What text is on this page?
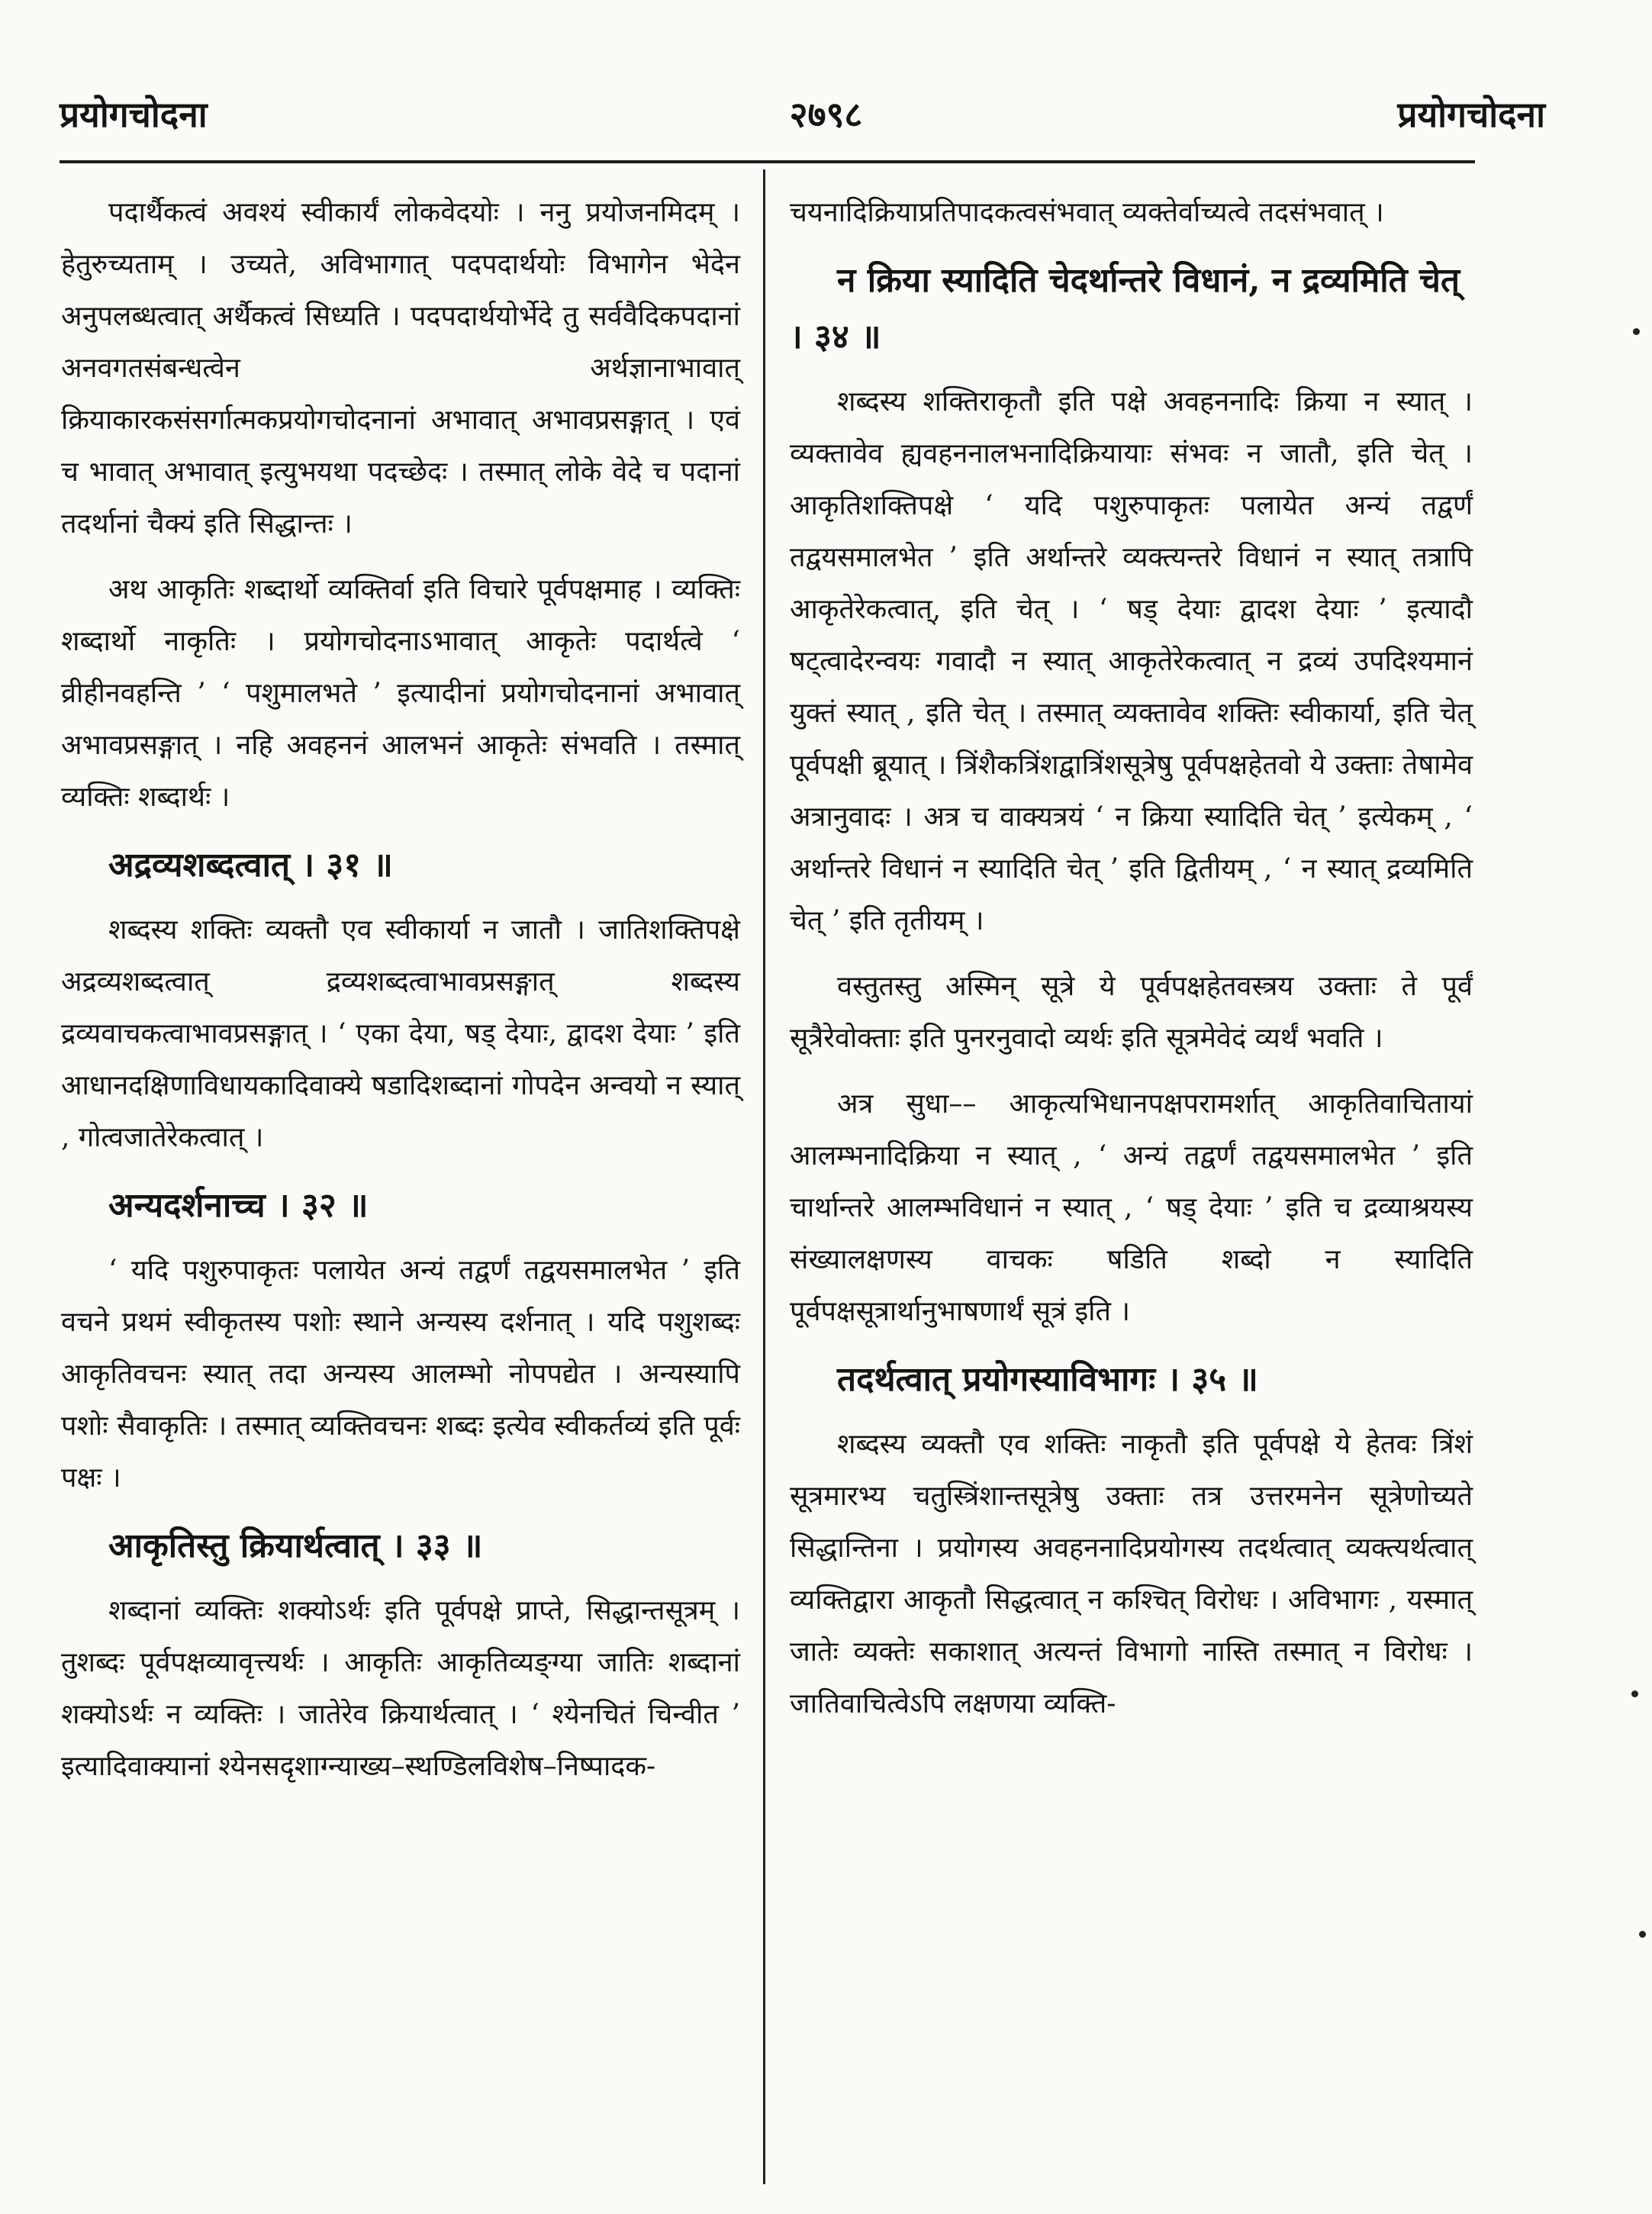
प्रयोगचोदना	२७९८	प्रयोगचोदना

पदार्थैकत्वं अवश्यं स्वीकार्यं लोकवेदयोः । ननु प्रयोजनमिदम् । हेतुरुच्यताम् । उच्यते, अविभागात् पदपदार्थयोः विभागेन भेदेन अनुपलब्धत्वात् अर्थैकत्वं सिध्यति । पदपदार्थयोर्भेदे तु सर्ववैदिकपदानां अनवगतसंबन्धत्वेन अर्थज्ञानाभावात् क्रियाकारकसंसर्गात्मकप्रयोगचोदनानां अभावात् अभावप्रसङ्गात् । एवं च भावात् अभावात् इत्युभयथा पदच्छेदः । तस्मात् लोके वेदे च पदानां तदर्थानां चैक्यं इति सिद्धान्तः ।

अथ आकृतिः शब्दार्थो व्यक्तिर्वा इति विचारे पूर्वपक्षमाह । व्यक्तिः शब्दार्थो नाकृतिः । प्रयोगचोदनाऽभावात् आकृतेः पदार्थत्वे ‘ व्रीहीनवहन्ति ’ ‘ पशुमालभते ’ इत्यादीनां प्रयोगचोदनानां अभावात् अभावप्रसङ्गात् । नहि अवहननं आलभनं आकृतेः संभवति । तस्मात् व्यक्तिः शब्दार्थः ।

अद्रव्यशब्दत्वात् । ३१ ॥

शब्दस्य शक्तिः व्यक्तौ एव स्वीकार्या न जातौ । जातिशक्तिपक्षे अद्रव्यशब्दत्वात् द्रव्यशब्दत्वाभावप्रसङ्गात् शब्दस्य द्रव्यवाचकत्वाभावप्रसङ्गात् । ‘ एका देया, षड् देयाः, द्वादश देयाः ’ इति आधानदक्षिणाविधायकादिवाक्ये षडादिशब्दानां गोपदेन अन्वयो न स्यात् , गोत्वजातेरेकत्वात् ।

अन्यदर्शनाच्च । ३२ ॥

‘ यदि पशुरुपाकृतः पलायेत अन्यं तद्वर्णं तद्वयसमालभेत ’ इति वचने प्रथमं स्वीकृतस्य पशोः स्थाने अन्यस्य दर्शनात् । यदि पशुशब्दः आकृतिवचनः स्यात् तदा अन्यस्य आलम्भो नोपपद्येत । अन्यस्यापि पशोः सैवाकृतिः । तस्मात् व्यक्तिवचनः शब्दः इत्येव स्वीकर्तव्यं इति पूर्वः पक्षः ।

आकृतिस्तु क्रियार्थत्वात् । ३३ ॥

शब्दानां व्यक्तिः शक्योऽर्थः इति पूर्वपक्षे प्राप्ते, सिद्धान्तसूत्रम् । तुशब्दः पूर्वपक्षव्यावृत्त्यर्थः । आकृतिः आकृतिव्यङ्ग्या जातिः शब्दानां शक्योऽर्थः न व्यक्तिः । जातेरेव क्रियार्थत्वात् । ‘ श्येनचितं चिन्वीत ’ इत्यादिवाक्यानां श्येनसदृशाग्न्याख्य–स्थण्डिलविशेष–निष्पादक-

चयनादिक्रियाप्रतिपादकत्वसंभवात् व्यक्तेर्वाच्यत्वे तदसंभवात् ।

न क्रिया स्यादिति चेदर्थान्तरे विधानं, न द्रव्यमिति चेत् । ३४ ॥

शब्दस्य शक्तिराकृतौ इति पक्षे अवहननादिः क्रिया न स्यात् । व्यक्तावेव ह्यवहननालभनादिक्रियायाः संभवः न जातौ, इति चेत् । आकृतिशक्तिपक्षे ‘ यदि पशुरुपाकृतः पलायेत अन्यं तद्वर्णं तद्वयसमालभेत ’ इति अर्थान्तरे व्यक्त्यन्तरे विधानं न स्यात् तत्रापि आकृतेरेकत्वात्, इति चेत् । ‘ षड् देयाः द्वादश देयाः ’ इत्यादौ षट्त्वादेरन्वयः गवादौ न स्यात् आकृतेरेकत्वात् न द्रव्यं उपदिश्यमानं युक्तं स्यात् , इति चेत् । तस्मात् व्यक्तावेव शक्तिः स्वीकार्या, इति चेत् पूर्वपक्षी ब्रूयात् । त्रिंशैकत्रिंशद्वात्रिंशसूत्रेषु पूर्वपक्षहेतवो ये उक्ताः तेषामेव अत्रानुवादः । अत्र च वाक्यत्रयं ‘ न क्रिया स्यादिति चेत् ’ इत्येकम् , ‘ अर्थान्तरे विधानं न स्यादिति चेत् ’ इति द्वितीयम् , ‘ न स्यात् द्रव्यमिति चेत् ’ इति तृतीयम् ।

वस्तुतस्तु अस्मिन् सूत्रे ये पूर्वपक्षहेतवस्त्रय उक्ताः ते पूर्वं सूत्रैरेवोक्ताः इति पुनरनुवादो व्यर्थः इति सूत्रमेवेदं व्यर्थं भवति ।

अत्र सुधा–– आकृत्यभिधानपक्षपरामर्शात् आकृतिवाचितायां आलम्भनादिक्रिया न स्यात् , ‘ अन्यं तद्वर्णं तद्वयसमालभेत ’ इति चार्थान्तरे आलम्भविधानं न स्यात् , ‘ षड् देयाः ’ इति च द्रव्याश्रयस्य संख्यालक्षणस्य वाचकः षडिति शब्दो न स्यादिति पूर्वपक्षसूत्रार्थानुभाषणार्थं सूत्रं इति ।

तदर्थत्वात् प्रयोगस्याविभागः । ३५ ॥

शब्दस्य व्यक्तौ एव शक्तिः नाकृतौ इति पूर्वपक्षे ये हेतवः त्रिंशं सूत्रमारभ्य चतुस्त्रिंशान्तसूत्रेषु उक्ताः तत्र उत्तरमनेन सूत्रेणोच्यते सिद्धान्तिना । प्रयोगस्य अवहननादिप्रयोगस्य तदर्थत्वात् व्यक्त्यर्थत्वात् व्यक्तिद्वारा आकृतौ सिद्धत्वात् न कश्चित् विरोधः । अविभागः , यस्मात् जातेः व्यक्तेः सकाशात् अत्यन्तं विभागो नास्ति तस्मात् न विरोधः । जातिवाचित्वेऽपि लक्षणया व्यक्ति-
